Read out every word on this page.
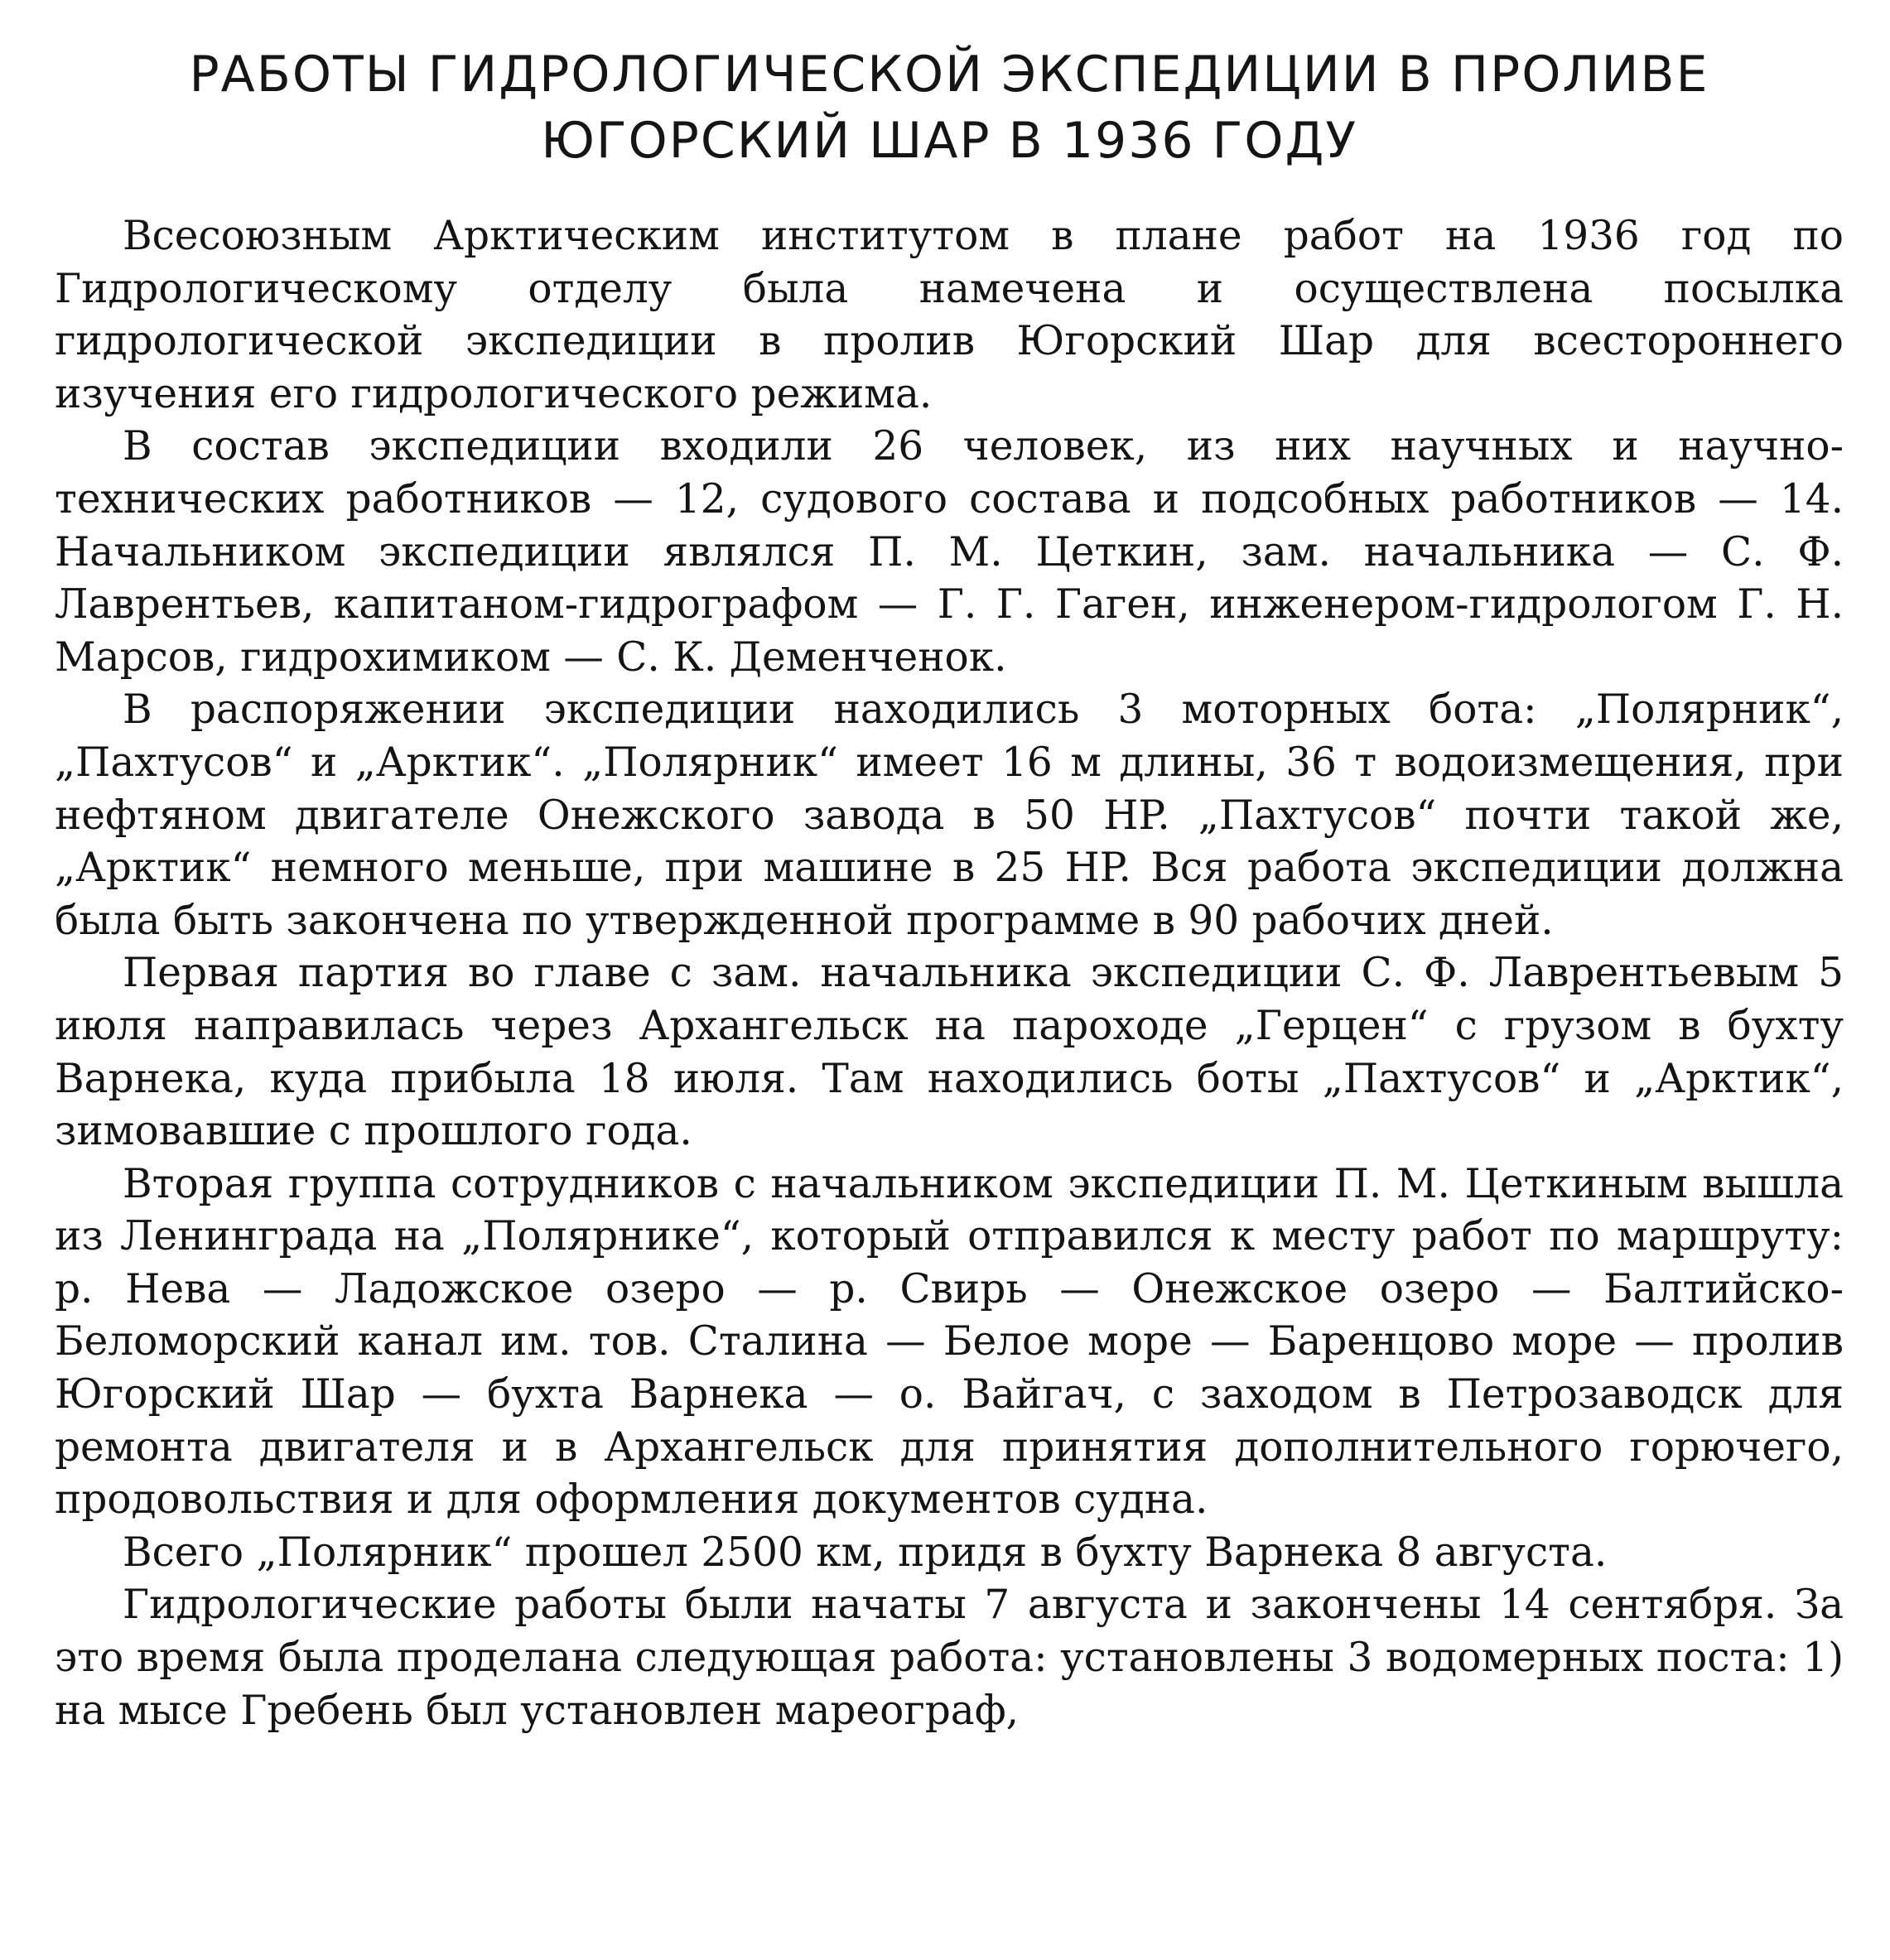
РАБОТЫ ГИДРОЛОГИЧЕСКОЙ ЭКСПЕДИЦИИ В ПРОЛИВЕ
ЮГОРСКИЙ ШАР В 1936 ГОДУ

Всесоюзным Арктическим институтом в плане работ на 1936 год по Гидрологическому отделу была намечена и осуществлена посылка гидрологической экспедиции в пролив Югорский Шар для всестороннего изучения его гидрологического режима.

В состав экспедиции входили 26 человек, из них научных и научно-технических работников — 12, судового состава и подсобных работников — 14. Начальником экспедиции являлся П. М. Цеткин, зам. начальника — С. Ф. Лаврентьев, капитаном-гидрографом — Г. Г. Гаген, инженером-гидрологом Г. Н. Марсов, гидрохимиком — С. К. Деменченок.

В распоряжении экспедиции находились 3 моторных бота: „Полярник“, „Пахтусов“ и „Арктик“. „Полярник“ имеет 16 м длины, 36 т водоизмещения, при нефтяном двигателе Онежского завода в 50 HP. „Пахтусов“ почти такой же, „Арктик“ немного меньше, при машине в 25 HP. Вся работа экспедиции должна была быть закончена по утвержденной программе в 90 рабочих дней.

Первая партия во главе с зам. начальника экспедиции С. Ф. Лаврентьевым 5 июля направилась через Архангельск на пароходе „Герцен“ с грузом в бухту Варнека, куда прибыла 18 июля. Там находились боты „Пахтусов“ и „Арктик“, зимовавшие с прошлого года.

Вторая группа сотрудников с начальником экспедиции П. М. Цеткиным вышла из Ленинграда на „Полярнике“, который отправился к месту работ по маршруту: р. Нева — Ладожское озеро — р. Свирь — Онежское озеро — Балтийско-Беломорский канал им. тов. Сталина — Белое море — Баренцово море — пролив Югорский Шар — бухта Варнека — о. Вайгач, с заходом в Петрозаводск для ремонта двигателя и в Архангельск для принятия дополнительного горючего, продовольствия и для оформления документов судна.

Всего „Полярник“ прошел 2500 км, придя в бухту Варнека 8 августа.

Гидрологические работы были начаты 7 августа и закончены 14 сентября. За это время была проделана следующая работа: установлены 3 водомерных поста: 1) на мысе Гребень был установлен мареограф,
